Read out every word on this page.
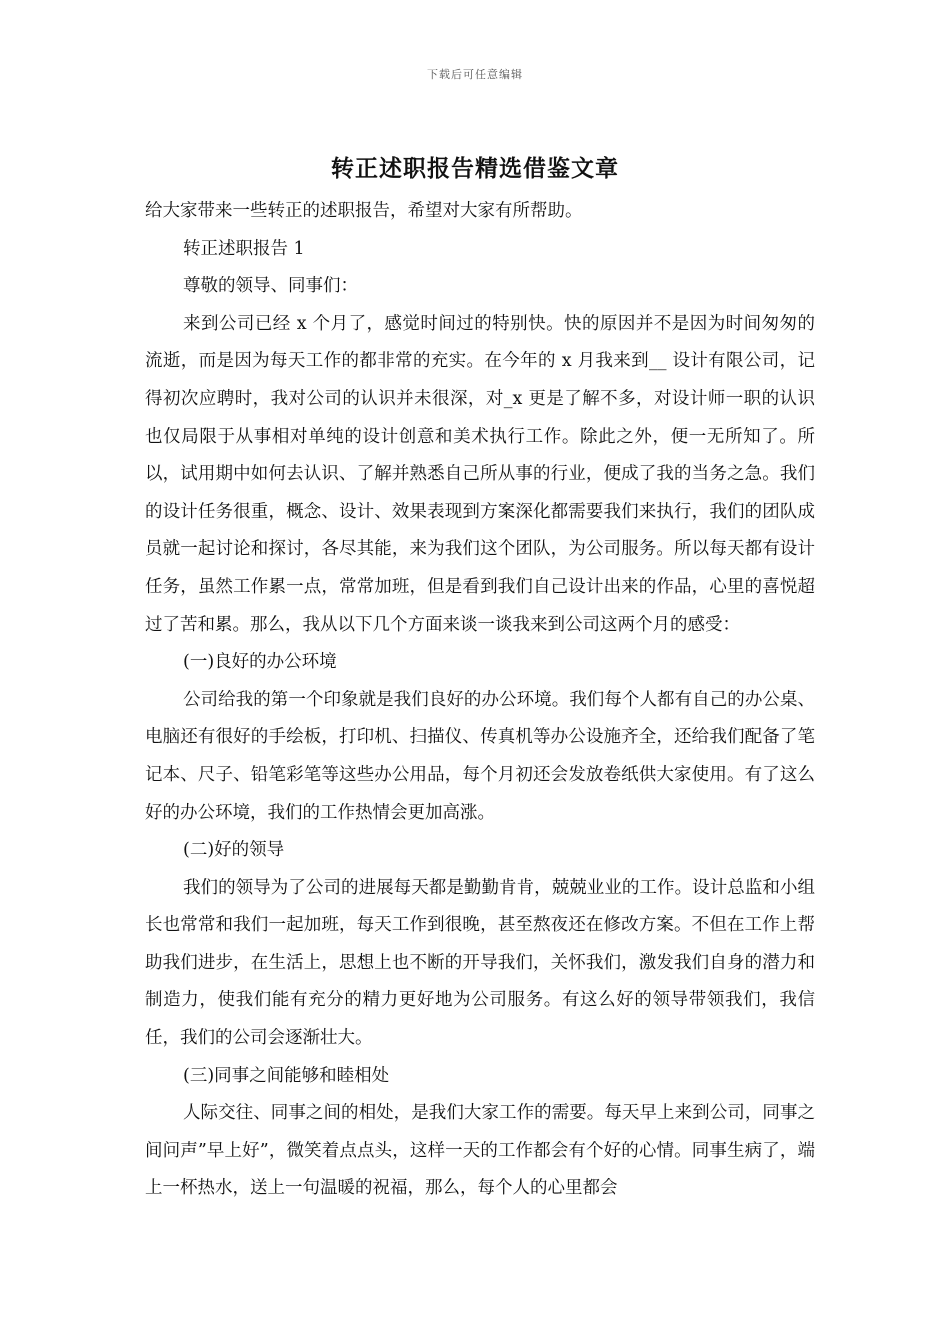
下载后可任意编辑
转正述职报告精选借鉴文章

给大家带来一些转正的述职报告，希望对大家有所帮助。

转正述职报告 1

尊敬的领导、同事们：

来到公司已经 x 个月了，感觉时间过的特别快。快的原因并不是因为时间匆匆的流逝，而是因为每天工作的都非常的充实。在今年的 x 月我来到__ 设计有限公司，记得初次应聘时，我对公司的认识并未很深，对_x 更是了解不多，对设计师一职的认识也仅局限于从事相对单纯的设计创意和美术执行工作。除此之外，便一无所知了。所以，试用期中如何去认识、了解并熟悉自己所从事的行业，便成了我的当务之急。我们的设计任务很重，概念、设计、效果表现到方案深化都需要我们来执行，我们的团队成员就一起讨论和探讨，各尽其能，来为我们这个团队，为公司服务。所以每天都有设计任务，虽然工作累一点，常常加班，但是看到我们自己设计出来的作品，心里的喜悦超过了苦和累。那么，我从以下几个方面来谈一谈我来到公司这两个月的感受：

(一)良好的办公环境

公司给我的第一个印象就是我们良好的办公环境。我们每个人都有自己的办公桌、电脑还有很好的手绘板，打印机、扫描仪、传真机等办公设施齐全，还给我们配备了笔记本、尺子、铅笔彩笔等这些办公用品，每个月初还会发放卷纸供大家使用。有了这么好的办公环境，我们的工作热情会更加高涨。

(二)好的领导

我们的领导为了公司的进展每天都是勤勤肯肯，兢兢业业的工作。设计总监和小组长也常常和我们一起加班，每天工作到很晚，甚至熬夜还在修改方案。不但在工作上帮助我们进步，在生活上，思想上也不断的开导我们，关怀我们，激发我们自身的潜力和制造力，使我们能有充分的精力更好地为公司服务。有这么好的领导带领我们，我信任，我们的公司会逐渐壮大。

(三)同事之间能够和睦相处

人际交往、同事之间的相处，是我们大家工作的需要。每天早上来到公司，同事之间问声”早上好”，微笑着点点头，这样一天的工作都会有个好的心情。同事生病了，端上一杯热水，送上一句温暖的祝福，那么，每个人的心里都会
